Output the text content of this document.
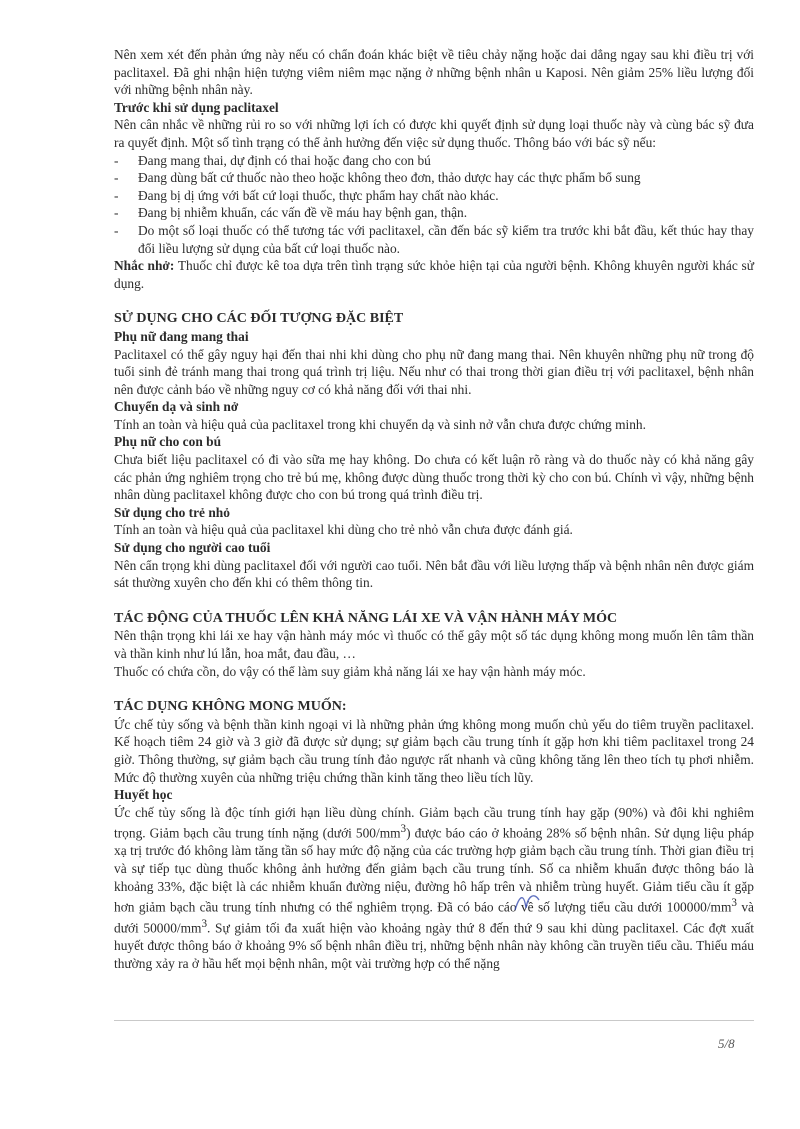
Nên xem xét đến phản ứng này nếu có chẩn đoán khác biệt về tiêu chảy nặng hoặc dai dẳng ngay sau khi điều trị với paclitaxel. Đã ghi nhận hiện tượng viêm niêm mạc nặng ở những bệnh nhân u Kaposi. Nên giảm 25% liều lượng đối với những bệnh nhân này.

Trước khi sử dụng paclitaxel

Nên cân nhắc về những rủi ro so với những lợi ích có được khi quyết định sử dụng loại thuốc này và cùng bác sỹ đưa ra quyết định. Một số tình trạng có thể ảnh hưởng đến việc sử dụng thuốc. Thông báo với bác sỹ nếu:

- Đang mang thai, dự định có thai hoặc đang cho con bú
- Đang dùng bất cứ thuốc nào theo hoặc không theo đơn, thảo dược hay các thực phẩm bổ sung
- Đang bị dị ứng với bất cứ loại thuốc, thực phẩm hay chất nào khác.
- Đang bị nhiễm khuẩn, các vấn đề về máu hay bệnh gan, thận.
- Do một số loại thuốc có thể tương tác với paclitaxel, cần đến bác sỹ kiểm tra trước khi bắt đầu, kết thúc hay thay đổi liều lượng sử dụng của bất cứ loại thuốc nào.

Nhắc nhở: Thuốc chỉ được kê toa dựa trên tình trạng sức khỏe hiện tại của người bệnh. Không khuyên người khác sử dụng.

SỬ DỤNG CHO CÁC ĐỐI TƯỢNG ĐẶC BIỆT

Phụ nữ đang mang thai

Paclitaxel có thể gây nguy hại đến thai nhi khi dùng cho phụ nữ đang mang thai. Nên khuyên những phụ nữ trong độ tuổi sinh đẻ tránh mang thai trong quá trình trị liệu. Nếu như có thai trong thời gian điều trị với paclitaxel, bệnh nhân nên được cảnh báo về những nguy cơ có khả năng đối với thai nhi.

Chuyển dạ và sinh nở

Tính an toàn và hiệu quả của paclitaxel trong khi chuyển dạ và sinh nở vẫn chưa được chứng minh.

Phụ nữ cho con bú

Chưa biết liệu paclitaxel có đi vào sữa mẹ hay không. Do chưa có kết luận rõ ràng và do thuốc này có khả năng gây các phản ứng nghiêm trọng cho trẻ bú mẹ, không được dùng thuốc trong thời kỳ cho con bú. Chính vì vậy, những bệnh nhân dùng paclitaxel không được cho con bú trong quá trình điều trị.

Sử dụng cho trẻ nhỏ

Tính an toàn và hiệu quả của paclitaxel khi dùng cho trẻ nhỏ vẫn chưa được đánh giá.

Sử dụng cho người cao tuổi

Nên cẩn trọng khi dùng paclitaxel đối với người cao tuổi. Nên bắt đầu với liều lượng thấp và bệnh nhân nên được giám sát thường xuyên cho đến khi có thêm thông tin.

TÁC ĐỘNG CỦA THUỐC LÊN KHẢ NĂNG LÁI XE VÀ VẬN HÀNH MÁY MÓC

Nên thận trọng khi lái xe hay vận hành máy móc vì thuốc có thể gây một số tác dụng không mong muốn lên tâm thần và thần kinh như lú lẫn, hoa mắt, đau đầu, …

Thuốc có chứa cồn, do vậy có thể làm suy giảm khả năng lái xe hay vận hành máy móc.

TÁC DỤNG KHÔNG MONG MUỐN:

Ức chế tủy sống và bệnh thần kinh ngoại vi là những phản ứng không mong muốn chủ yếu do tiêm truyền paclitaxel. Kế hoạch tiêm 24 giờ và 3 giờ đã được sử dụng; sự giảm bạch cầu trung tính ít gặp hơn khi tiêm paclitaxel trong 24 giờ. Thông thường, sự giảm bạch cầu trung tính đảo ngược rất nhanh và cũng không tăng lên theo tích tụ phơi nhiễm. Mức độ thường xuyên của những triệu chứng thần kinh tăng theo liều tích lũy.

Huyết học

Ức chế tủy sống là độc tính giới hạn liều dùng chính. Giảm bạch cầu trung tính hay gặp (90%) và đôi khi nghiêm trọng. Giảm bạch cầu trung tính nặng (dưới $500/mm^3$) được báo cáo ở khoảng 28% số bệnh nhân. Sử dụng liệu pháp xạ trị trước đó không làm tăng tần số hay mức độ nặng của các trường hợp giảm bạch cầu trung tính. Thời gian điều trị và sự tiếp tục dùng thuốc không ảnh hưởng đến giảm bạch cầu trung tính. Số ca nhiễm khuẩn được thông báo là khoảng 33%, đặc biệt là các nhiễm khuẩn đường niệu, đường hô hấp trên và nhiễm trùng huyết. Giảm tiểu cầu ít gặp hơn giảm bạch cầu trung tính nhưng có thể nghiêm trọng. Đã có báo cáo về số lượng tiểu cầu dưới $100000/mm^3$ và dưới $50000/mm^3$. Sự giảm tối đa xuất hiện vào khoảng ngày thứ 8 đến thứ 9 sau khi dùng paclitaxel. Các đợt xuất huyết được thông báo ở khoảng 9% số bệnh nhân điều trị, những bệnh nhân này không cần truyền tiểu cầu. Thiếu máu thường xảy ra ở hầu hết mọi bệnh nhân, một vài trường hợp có thể nặng

5/8
